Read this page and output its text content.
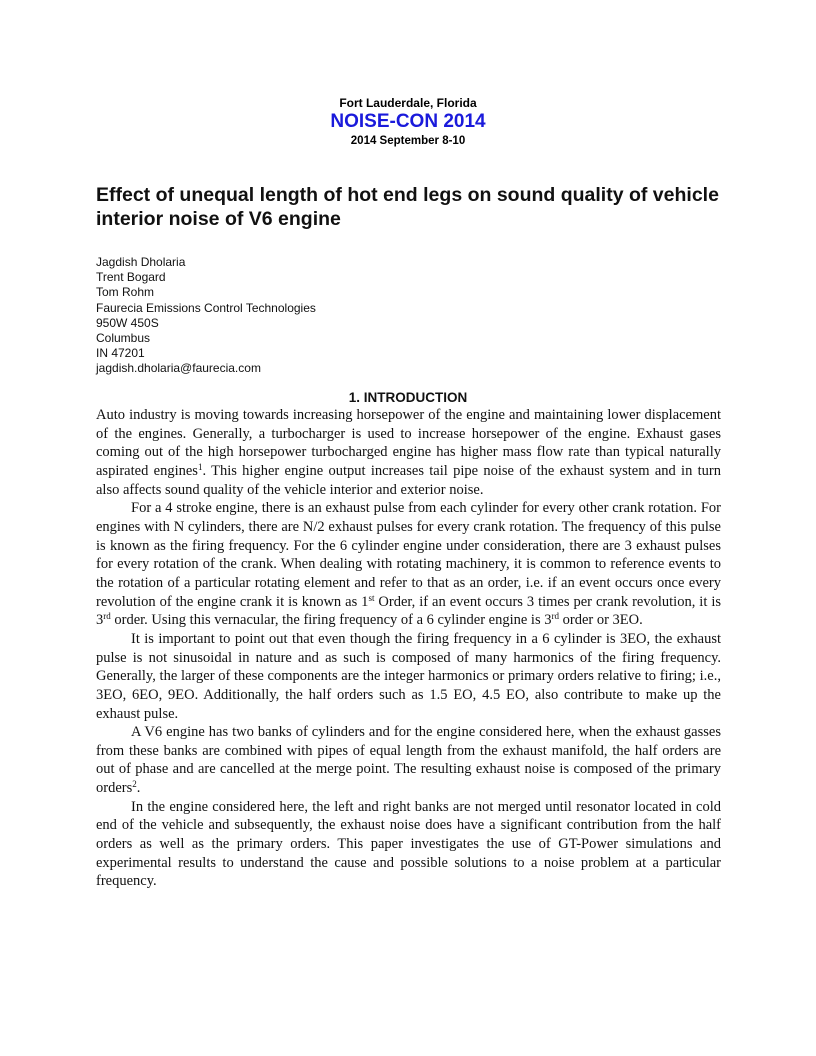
Fort Lauderdale, Florida
NOISE-CON 2014
2014 September 8-10
Effect of unequal length of hot end legs on sound quality of vehicle interior noise of V6 engine
Jagdish Dholaria
Trent Bogard
Tom Rohm
Faurecia Emissions Control Technologies
950W 450S
Columbus
IN 47201
jagdish.dholaria@faurecia.com
1. INTRODUCTION

Auto industry is moving towards increasing horsepower of the engine and maintaining lower displacement of the engines. Generally, a turbocharger is used to increase horsepower of the engine. Exhaust gases coming out of the high horsepower turbocharged engine has higher mass flow rate than typical naturally aspirated engines$^1$. This higher engine output increases tail pipe noise of the exhaust system and in turn also affects sound quality of the vehicle interior and exterior noise.

For a 4 stroke engine, there is an exhaust pulse from each cylinder for every other crank rotation. For engines with N cylinders, there are N/2 exhaust pulses for every crank rotation. The frequency of this pulse is known as the firing frequency. For the 6 cylinder engine under consideration, there are 3 exhaust pulses for every rotation of the crank. When dealing with rotating machinery, it is common to reference events to the rotation of a particular rotating element and refer to that as an order, i.e. if an event occurs once every revolution of the engine crank it is known as 1st Order, if an event occurs 3 times per crank revolution, it is 3rd order. Using this vernacular, the firing frequency of a 6 cylinder engine is 3rd order or 3EO.

It is important to point out that even though the firing frequency in a 6 cylinder is 3EO, the exhaust pulse is not sinusoidal in nature and as such is composed of many harmonics of the firing frequency. Generally, the larger of these components are the integer harmonics or primary orders relative to firing; i.e., 3EO, 6EO, 9EO. Additionally, the half orders such as 1.5 EO, 4.5 EO, also contribute to make up the exhaust pulse.

A V6 engine has two banks of cylinders and for the engine considered here, when the exhaust gasses from these banks are combined with pipes of equal length from the exhaust manifold, the half orders are out of phase and are cancelled at the merge point. The resulting exhaust noise is composed of the primary orders$^2$.

In the engine considered here, the left and right banks are not merged until resonator located in cold end of the vehicle and subsequently, the exhaust noise does have a significant contribution from the half orders as well as the primary orders. This paper investigates the use of GT-Power simulations and experimental results to understand the cause and possible solutions to a noise problem at a particular frequency.
